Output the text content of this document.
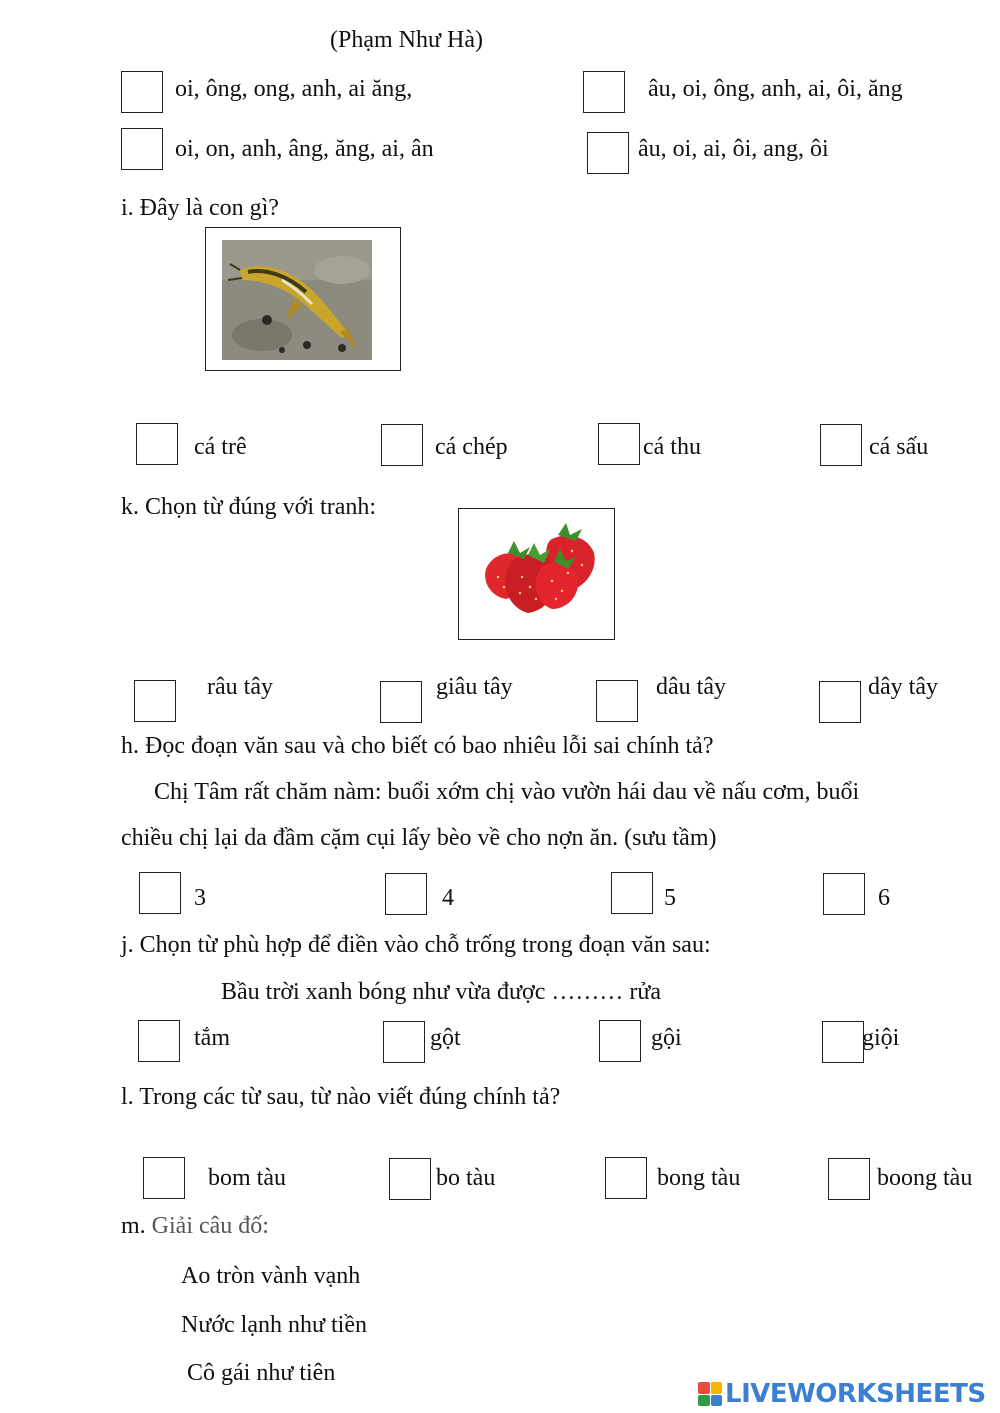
(Phạm Như Hà)
oi, ông, ong, anh, ai ăng,	âu, oi, ông, anh, ai, ôi, ăng
oi, on, anh, âng, ăng, ai, ân	âu, oi, ai, ôi, ang, ôi
i. Đây là con gì?
cá trê	cá chép	cá thu	cá sấu
k. Chọn từ đúng với tranh:
râu tây	giâu tây	dâu tây	dây tây
h. Đọc đoạn văn sau và cho biết có bao nhiêu lỗi sai chính tả?
Chị Tâm rất chăm nàm: buổi xớm chị vào vườn hái dau về nấu cơm, buổi
chiều chị lại da đầm cặm cụi lấy bèo về cho nợn ăn. (sưu tầm)
3	4	5	6
j. Chọn từ phù hợp để điền vào chỗ trống trong đoạn văn sau:
Bầu trời xanh bóng như vừa được ……… rửa
tắm	gột	gội	giội
l. Trong các từ sau, từ nào viết đúng chính tả?
bom tàu	bo tàu	bong tàu	boong tàu
m. Giải câu đố:
Ao tròn vành vạnh
Nước lạnh như tiền
Cô gái như tiên
LIVEWORKSHEETS
